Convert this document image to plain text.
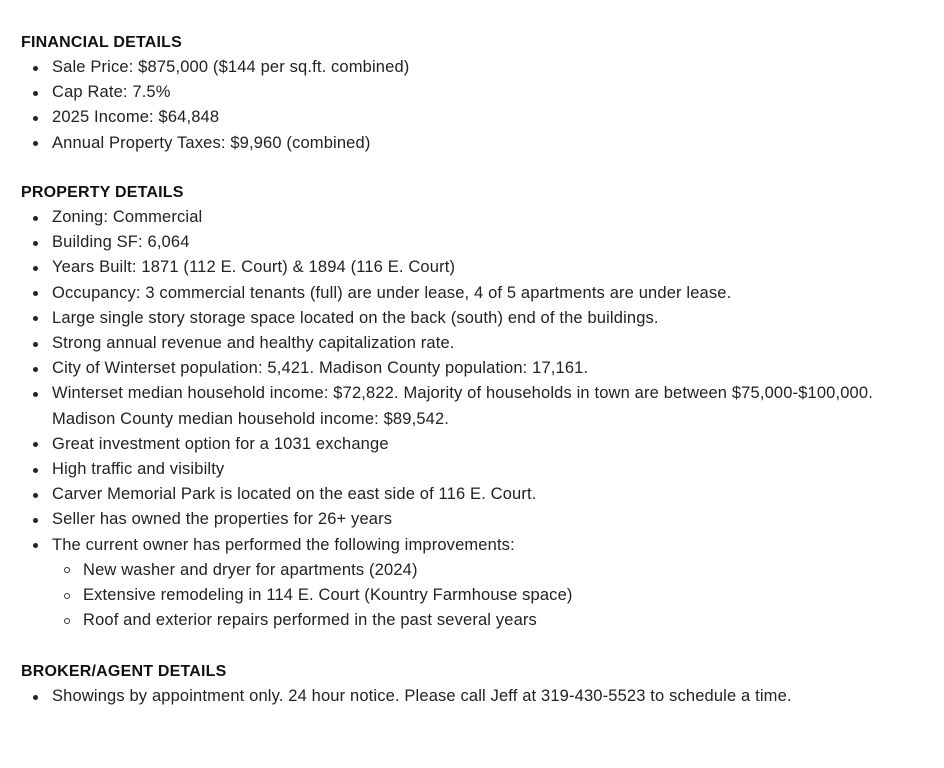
FINANCIAL DETAILS
Sale Price: $875,000 ($144 per sq.ft. combined)
Cap Rate: 7.5%
2025 Income: $64,848
Annual Property Taxes: $9,960 (combined)
PROPERTY DETAILS
Zoning: Commercial
Building SF: 6,064
Years Built: 1871 (112 E. Court) & 1894 (116 E. Court)
Occupancy: 3 commercial tenants (full) are under lease, 4 of 5 apartments are under lease.
Large single story storage space located on the back (south) end of the buildings.
Strong annual revenue and healthy capitalization rate.
City of Winterset population: 5,421. Madison County population: 17,161.
Winterset median household income: $72,822. Majority of households in town are between $75,000-$100,000. Madison County median household income: $89,542.
Great investment option for a 1031 exchange
High traffic and visibilty
Carver Memorial Park is located on the east side of 116 E. Court.
Seller has owned the properties for 26+ years
The current owner has performed the following improvements:
New washer and dryer for apartments (2024)
Extensive remodeling in 114 E. Court (Kountry Farmhouse space)
Roof and exterior repairs performed in the past several years
BROKER/AGENT DETAILS
Showings by appointment only. 24 hour notice. Please call Jeff at 319-430-5523 to schedule a time.
